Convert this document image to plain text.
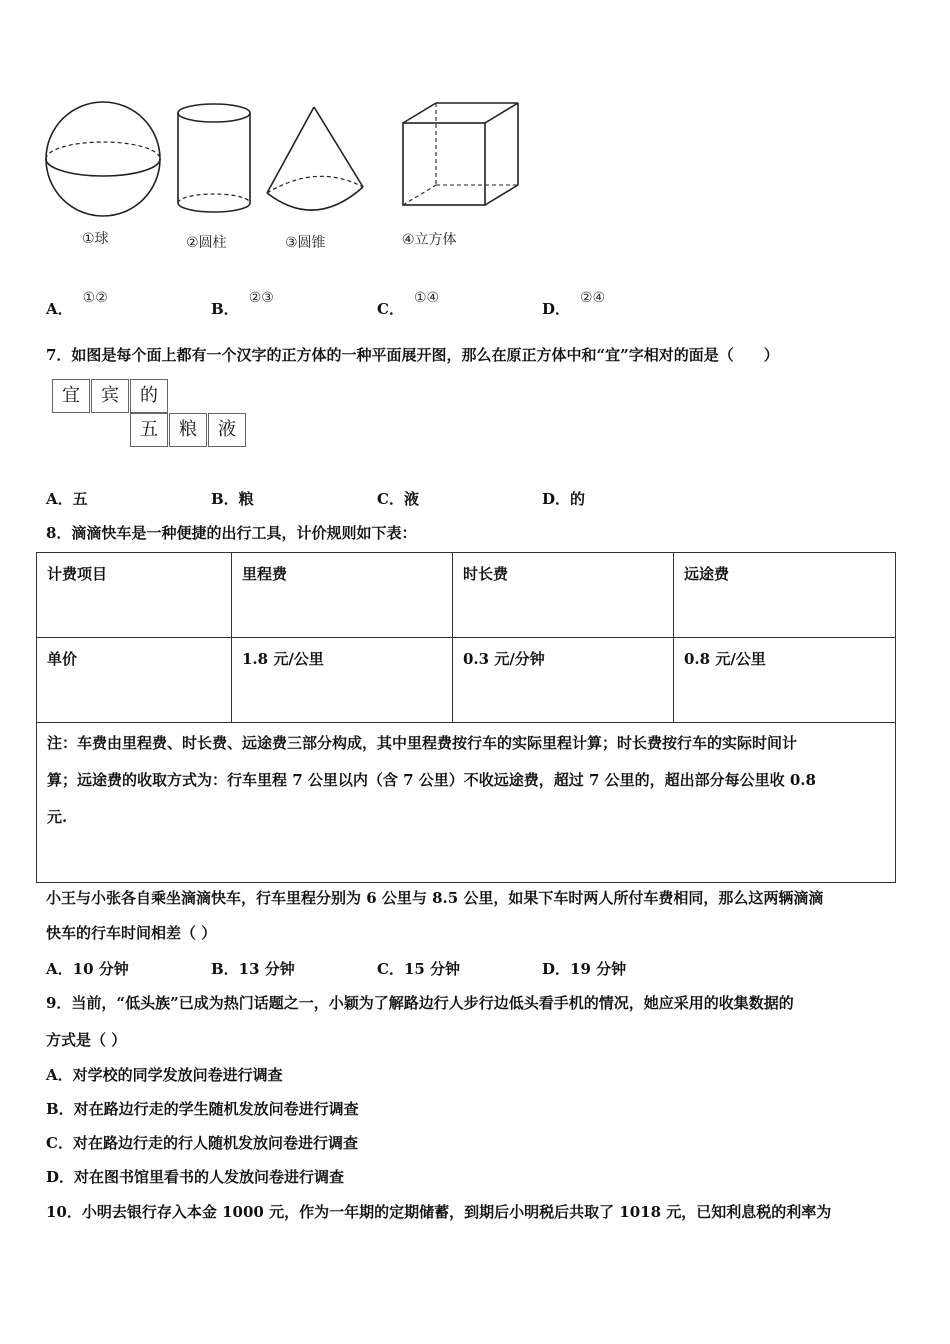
①球	②圆柱	③圆锥	④立方体
A．①②
B．②③
C．①④
D．②④
7．如图是每个面上都有一个汉字的正方体的一种平面展开图，那么在原正方体中和“宜”字相对的面是（　　）
宜	宾	的
五	粮	液
A．五	B．粮	C．液	D．的
8．滴滴快车是一种便捷的出行工具，计价规则如下表：
计费项目	里程费	时长费	远途费
单价	1.8 元/公里	0.3 元/分钟	0.8 元/公里

注：车费由里程费、时长费、远途费三部分构成，其中里程费按行车的实际里程计算；时长费按行车的实际时间计
算；远途费的收取方式为：行车里程 7 公里以内（含 7 公里）不收远途费，超过 7 公里的，超出部分每公里收 0.8
元.			
小王与小张各自乘坐滴滴快车，行车里程分别为 6 公里与 8.5 公里，如果下车时两人所付车费相同，那么这两辆滴滴
快车的行车时间相差（ ）
A．10 分钟	B．13 分钟	C．15 分钟	D．19 分钟
9．当前，“低头族”已成为热门话题之一，小颖为了解路边行人步行边低头看手机的情况，她应采用的收集数据的
方式是（ ）
A．对学校的同学发放问卷进行调查
B．对在路边行走的学生随机发放问卷进行调查
C．对在路边行走的行人随机发放问卷进行调查
D．对在图书馆里看书的人发放问卷进行调查
10．小明去银行存入本金 1000 元，作为一年期的定期储蓄，到期后小明税后共取了 1018 元，已知利息税的利率为
